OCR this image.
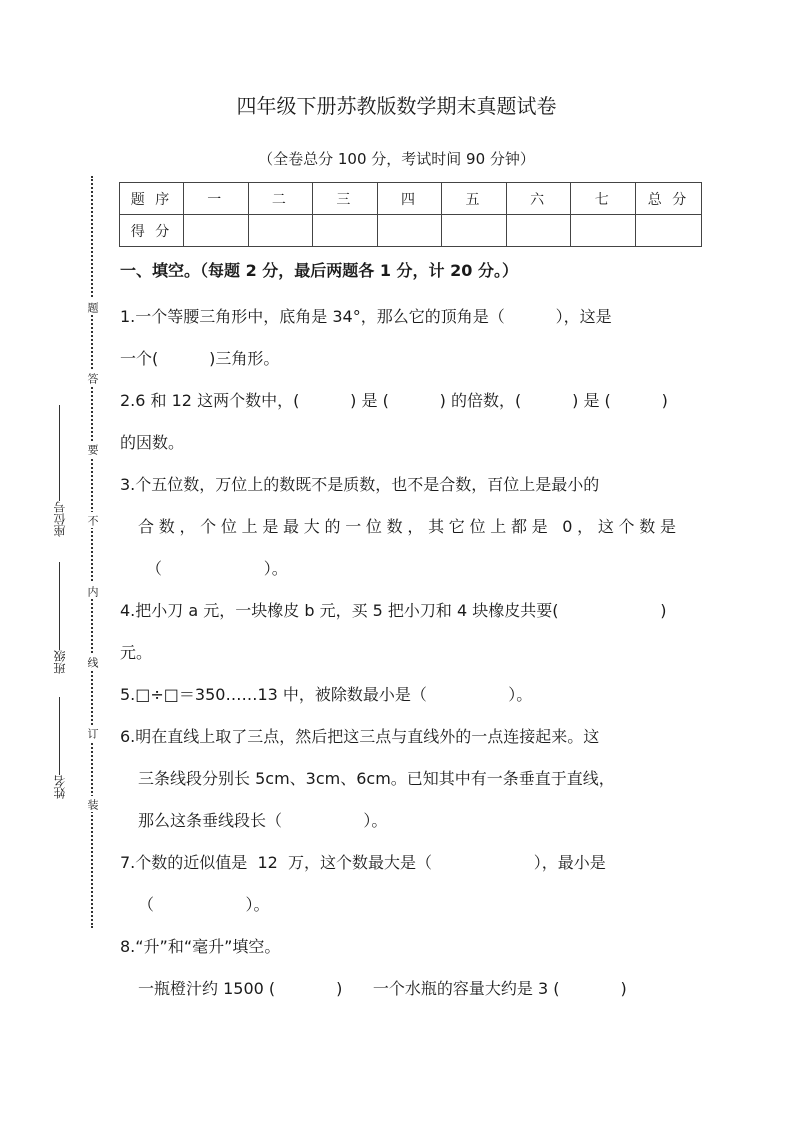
四年级下册苏教版数学期末真题试卷
（全卷总分 100 分，考试时间 90 分钟）
题
答
要
不
内
线
订
装
座位号
班级
姓名
题 序	一	二	三	四	五	六	七	总 分
得 分								

一、填空。（每题 2 分，最后两题各 1 分，计 20 分。）

1.一个等腰三角形中，底角是 34°，那么它的顶角是（          ），这是

一个(          )三角形。

2.6 和 12 这两个数中，(          ) 是 (          ) 的倍数，(          ) 是 (          )

的因数。

3.个五位数，万位上的数既不是质数，也不是合数，百位上是最小的

合数，个位上是最大的一位数，其它位上都是 0，这个数是

（                    ）。

4.把小刀 a 元，一块橡皮 b 元，买 5 把小刀和 4 块橡皮共要(                    )

元。

5.□÷□＝350……13 中，被除数最小是（                ）。

6.明在直线上取了三点，然后把这三点与直线外的一点连接起来。这

三条线段分别长 5cm、3cm、6cm。已知其中有一条垂直于直线，

那么这条垂线段长（                ）。

7.个数的近似值是  12  万，这个数最大是（                    ），最小是

（                  ）。

8.“升”和“毫升”填空。

一瓶橙汁约 1500 (            )      一个水瓶的容量大约是 3 (            )
